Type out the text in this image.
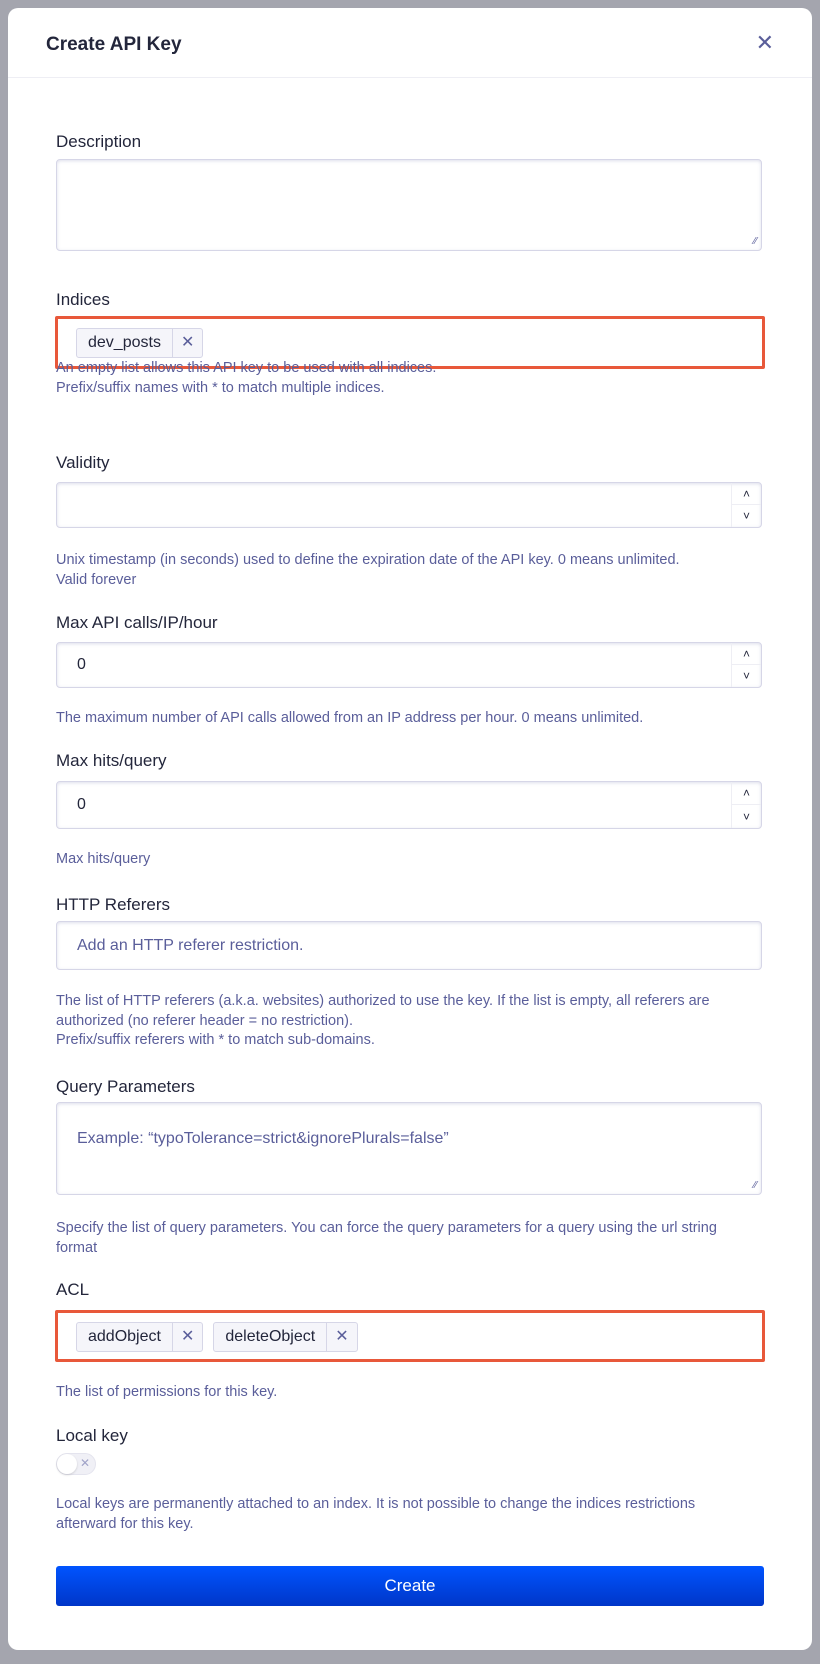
Create API Key	✕
Description
⁄⁄
Indices
dev_posts	✕
An empty list allows this API key to be used with all indices.
Prefix/suffix names with * to match multiple indices.
Validity
˄
˅
Unix timestamp (in seconds) used to define the expiration date of the API key. 0 means unlimited.
Valid forever
Max API calls/IP/hour
0
˄
˅
The maximum number of API calls allowed from an IP address per hour. 0 means unlimited.
Max hits/query
0
˄
˅
Max hits/query
HTTP Referers
Add an HTTP referer restriction.
The list of HTTP referers (a.k.a. websites) authorized to use the key. If the list is empty, all referers are authorized (no referer header = no restriction).
Prefix/suffix referers with * to match sub-domains.
Query Parameters
Example: “typoTolerance=strict&ignorePlurals=false”
⁄⁄
Specify the list of query parameters. You can force the query parameters for a query using the url string format
ACL
addObject	✕	deleteObject	✕
The list of permissions for this key.
Local key
✕
Local keys are permanently attached to an index. It is not possible to change the indices restrictions afterward for this key.
Create
